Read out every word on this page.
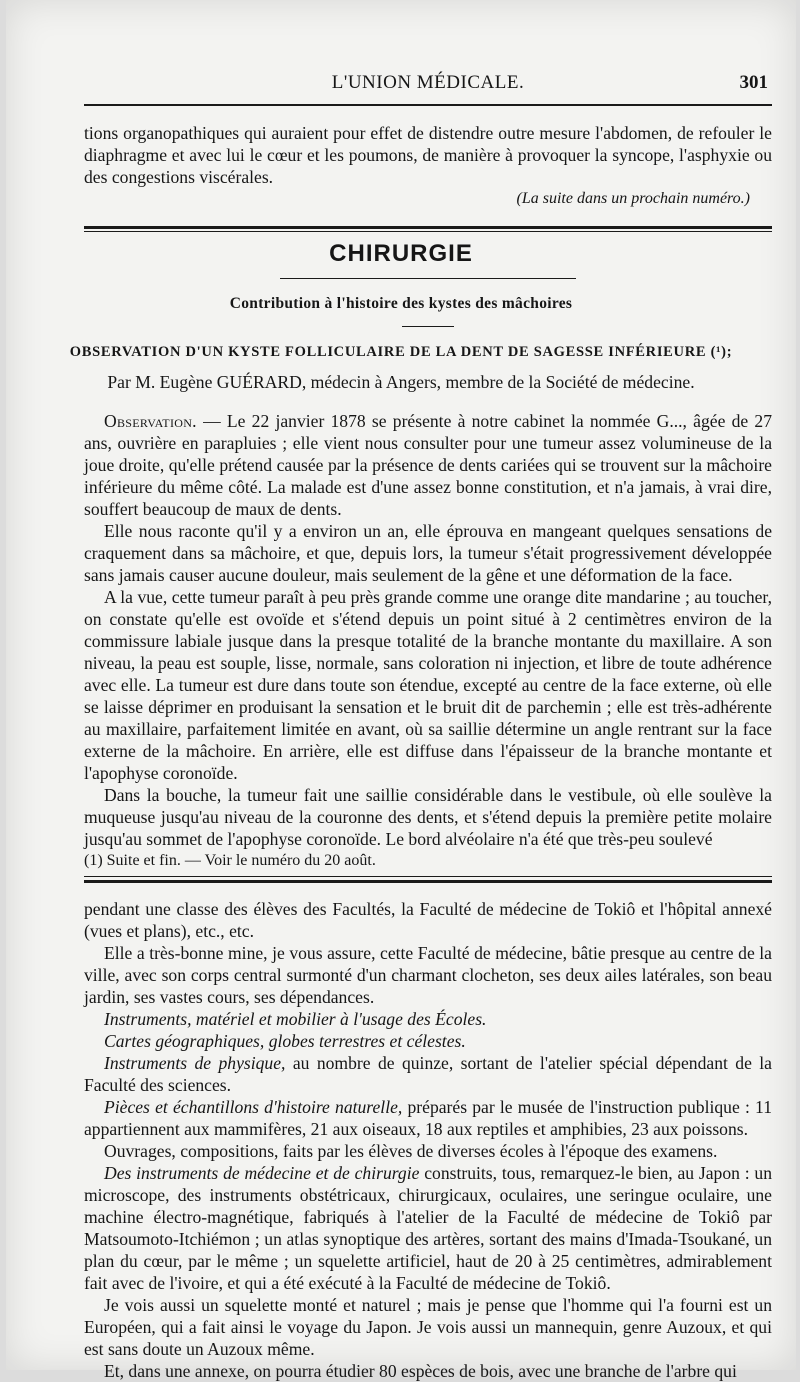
L'UNION MÉDICALE.	301

tions organopathiques qui auraient pour effet de distendre outre mesure l'abdomen, de refouler le diaphragme et avec lui le cœur et les poumons, de manière à provoquer la syncope, l'asphyxie ou des congestions viscérales.

(La suite dans un prochain numéro.)
CHIRURGIE
Contribution à l'histoire des kystes des mâchoires
OBSERVATION D'UN KYSTE FOLLICULAIRE DE LA DENT DE SAGESSE INFÉRIEURE (¹);
Par M. Eugène GUÉRARD, médecin à Angers, membre de la Société de médecine.

Observation. — Le 22 janvier 1878 se présente à notre cabinet la nommée G..., âgée de 27 ans, ouvrière en parapluies ; elle vient nous consulter pour une tumeur assez volumineuse de la joue droite, qu'elle prétend causée par la présence de dents cariées qui se trouvent sur la mâchoire inférieure du même côté. La malade est d'une assez bonne constitution, et n'a jamais, à vrai dire, souffert beaucoup de maux de dents.

Elle nous raconte qu'il y a environ un an, elle éprouva en mangeant quelques sensations de craquement dans sa mâchoire, et que, depuis lors, la tumeur s'était progressivement développée sans jamais causer aucune douleur, mais seulement de la gêne et une déformation de la face.

A la vue, cette tumeur paraît à peu près grande comme une orange dite mandarine ; au toucher, on constate qu'elle est ovoïde et s'étend depuis un point situé à 2 centimètres environ de la commissure labiale jusque dans la presque totalité de la branche montante du maxillaire. A son niveau, la peau est souple, lisse, normale, sans coloration ni injection, et libre de toute adhérence avec elle. La tumeur est dure dans toute son étendue, excepté au centre de la face externe, où elle se laisse déprimer en produisant la sensation et le bruit dit de parchemin ; elle est très-adhérente au maxillaire, parfaitement limitée en avant, où sa saillie détermine un angle rentrant sur la face externe de la mâchoire. En arrière, elle est diffuse dans l'épaisseur de la branche montante et l'apophyse coronoïde.

Dans la bouche, la tumeur fait une saillie considérable dans le vestibule, où elle soulève la muqueuse jusqu'au niveau de la couronne des dents, et s'étend depuis la première petite molaire jusqu'au sommet de l'apophyse coronoïde. Le bord alvéolaire n'a été que très-peu soulevé

(1) Suite et fin. — Voir le numéro du 20 août.

pendant une classe des élèves des Facultés, la Faculté de médecine de Tokiô et l'hôpital annexé (vues et plans), etc., etc.

Elle a très-bonne mine, je vous assure, cette Faculté de médecine, bâtie presque au centre de la ville, avec son corps central surmonté d'un charmant clocheton, ses deux ailes latérales, son beau jardin, ses vastes cours, ses dépendances.

Instruments, matériel et mobilier à l'usage des Écoles.

Cartes géographiques, globes terrestres et célestes.

Instruments de physique, au nombre de quinze, sortant de l'atelier spécial dépendant de la Faculté des sciences.

Pièces et échantillons d'histoire naturelle, préparés par le musée de l'instruction publique : 11 appartiennent aux mammifères, 21 aux oiseaux, 18 aux reptiles et amphibies, 23 aux poissons.

Ouvrages, compositions, faits par les élèves de diverses écoles à l'époque des examens.

Des instruments de médecine et de chirurgie construits, tous, remarquez-le bien, au Japon : un microscope, des instruments obstétricaux, chirurgicaux, oculaires, une seringue oculaire, une machine électro-magnétique, fabriqués à l'atelier de la Faculté de médecine de Tokiô par Matsoumoto-Itchiémon ; un atlas synoptique des artères, sortant des mains d'Imada-Tsoukané, un plan du cœur, par le même ; un squelette artificiel, haut de 20 à 25 centimètres, admirablement fait avec de l'ivoire, et qui a été exécuté à la Faculté de médecine de Tokiô.

Je vois aussi un squelette monté et naturel ; mais je pense que l'homme qui l'a fourni est un Européen, qui a fait ainsi le voyage du Japon. Je vois aussi un mannequin, genre Auzoux, et qui est sans doute un Auzoux même.

Et, dans une annexe, on pourra étudier 80 espèces de bois, avec une branche de l'arbre qui
